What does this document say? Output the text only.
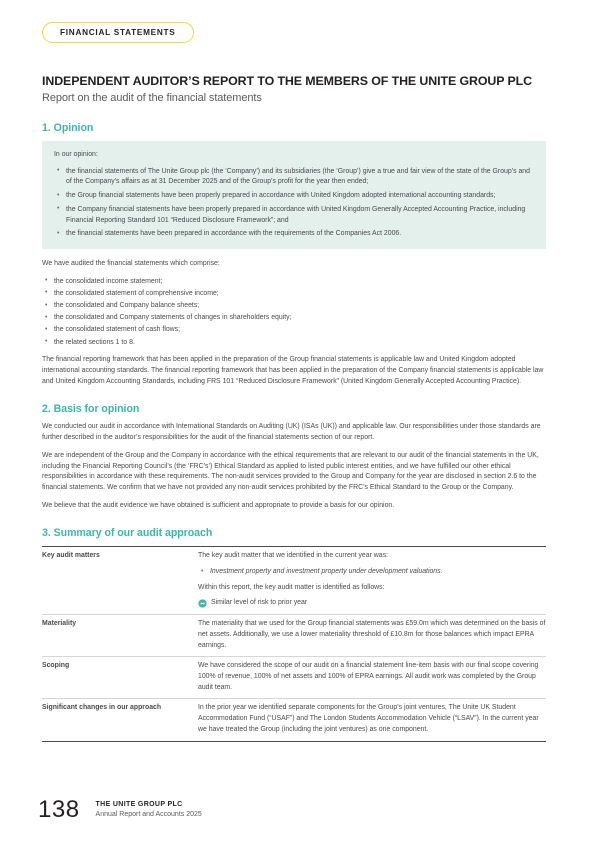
FINANCIAL STATEMENTS
INDEPENDENT AUDITOR’S REPORT TO THE MEMBERS OF THE UNITE GROUP PLC
Report on the audit of the financial statements
1. Opinion

In our opinion:

• the financial statements of The Unite Group plc (the ‘Company’) and its subsidiaries (the ‘Group’) give a true and fair view of the state of the Group’s and of the Company’s affairs as at 31 December 2025 and of the Group’s profit for the year then ended;
• the Group financial statements have been properly prepared in accordance with United Kingdom adopted international accounting standards;
• the Company financial statements have been properly prepared in accordance with United Kingdom Generally Accepted Accounting Practice, including Financial Reporting Standard 101 “Reduced Disclosure Framework”; and
• the financial statements have been prepared in accordance with the requirements of the Companies Act 2006.

We have audited the financial statements which comprise:

• the consolidated income statement;
• the consolidated statement of comprehensive income;
• the consolidated and Company balance sheets;
• the consolidated and Company statements of changes in shareholders equity;
• the consolidated statement of cash flows;
• the related sections 1 to 8.

The financial reporting framework that has been applied in the preparation of the Group financial statements is applicable law and United Kingdom adopted international accounting standards. The financial reporting framework that has been applied in the preparation of the Company financial statements is applicable law and United Kingdom Accounting Standards, including FRS 101 “Reduced Disclosure Framework” (United Kingdom Generally Accepted Accounting Practice).

2. Basis for opinion

We conducted our audit in accordance with International Standards on Auditing (UK) (ISAs (UK)) and applicable law. Our responsibilities under those standards are further described in the auditor’s responsibilities for the audit of the financial statements section of our report.

We are independent of the Group and the Company in accordance with the ethical requirements that are relevant to our audit of the financial statements in the UK, including the Financial Reporting Council’s (the ‘FRC’s’) Ethical Standard as applied to listed public interest entities, and we have fulfilled our other ethical responsibilities in accordance with these requirements. The non-audit services provided to the Group and Company for the year are disclosed in section 2.6 to the financial statements. We confirm that we have not provided any non-audit services prohibited by the FRC’s Ethical Standard to the Group or the Company.

We believe that the audit evidence we have obtained is sufficient and appropriate to provide a basis for our opinion.

3. Summary of our audit approach
Key audit matters	The key audit matter that we identified in the current year was:

• Investment property and investment property under development valuations.

Within this report, the key audit matter is identified as follows:

Similar level of risk to prior year

Materiality	The materiality that we used for the Group financial statements was £59.0m which was determined on the basis of net assets. Additionally, we use a lower materiality threshold of £10.8m for those balances which impact EPRA earnings.

Scoping	We have considered the scope of our audit on a financial statement line-item basis with our final scope covering 100% of revenue, 100% of net assets and 100% of EPRA earnings. All audit work was completed by the Group audit team.

Significant changes in our approach	In the prior year we identified separate components for the Group’s joint ventures, The Unite UK Student Accommodation Fund (“USAF”) and The London Students Accommodation Vehicle (“LSAV”). In the current year we have treated the Group (including the joint ventures) as one component.

138 THE UNITE GROUP PLC
Annual Report and Accounts 2025
